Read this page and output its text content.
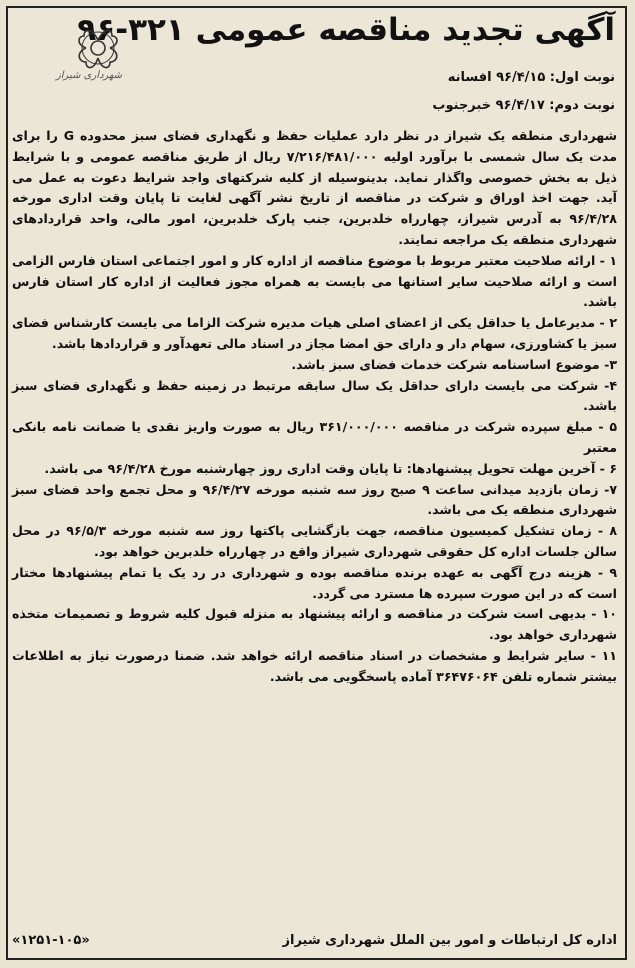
آگهی تجدید مناقصه عمومی ۳۲۱-۹۶
شهرداری شیراز	نوبت اول: ۹۶/۴/۱۵ افسانه
نوبت دوم: ۹۶/۴/۱۷ خبرجنوب

شهرداری منطقه یک شیراز در نظر دارد عملیات حفظ و نگهداری فضای سبز محدوده G را برای مدت یک سال شمسی با برآورد اولیه ۷/۲۱۶/۴۸۱/۰۰۰ ریال از طریق مناقصه عمومی و با شرایط ذیل به بخش خصوصی واگذار نماید. بدینوسیله از کلیه شرکتهای واجد شرایط دعوت به عمل می آید. جهت اخذ اوراق و شرکت در مناقصه از تاریخ نشر آگهی لغایت تا پایان وقت اداری مورخه ۹۶/۴/۲۸ به آدرس شیراز، چهارراه خلدبرین، جنب پارک خلدبرین، امور مالی، واحد قراردادهای شهرداری منطقه یک مراجعه نمایند.

۱ - ارائه صلاحیت معتبر مربوط با موضوع مناقصه از اداره کار و امور اجتماعی استان فارس الزامی است و ارائه صلاحیت سایر استانها می بایست به همراه مجوز فعالیت از اداره کار استان فارس باشد.

۲ - مدیرعامل یا حداقل یکی از اعضای اصلی هیات مدیره شرکت الزاما می بایست کارشناس فضای سبز یا کشاورزی، سهام دار و دارای حق امضا مجاز در اسناد مالی تعهدآور و قراردادها باشد.

۳- موضوع اساسنامه شرکت خدمات فضای سبز باشد.

۴- شرکت می بایست دارای حداقل یک سال سابقه مرتبط در زمینه حفظ و نگهداری فضای سبز باشد.

۵ - مبلغ سپرده شرکت در مناقصه ۳۶۱/۰۰۰/۰۰۰ ریال به صورت واریز نقدی یا ضمانت نامه بانکی معتبر

۶ - آخرین مهلت تحویل پیشنهادها: تا پایان وقت اداری روز چهارشنبه مورخ ۹۶/۴/۲۸ می باشد.

۷- زمان بازدید میدانی ساعت ۹ صبح روز سه شنبه مورخه ۹۶/۴/۲۷ و محل تجمع واحد فضای سبز شهرداری منطقه یک می باشد.

۸ - زمان تشکیل کمیسیون مناقصه، جهت بازگشایی پاکتها روز سه شنبه مورخه ۹۶/۵/۳ در محل سالن جلسات اداره کل حقوقی شهرداری شیراز واقع در چهارراه خلدبرین خواهد بود.

۹ - هزینه درج آگهی به عهده برنده مناقصه بوده و شهرداری در رد یک یا تمام پیشنهادها مختار است که در این صورت سپرده ها مسترد می گردد.

۱۰ - بدیهی است شرکت در مناقصه و ارائه پیشنهاد به منزله قبول کلیه شروط و تصمیمات متخذه شهرداری خواهد بود.

۱۱ - سایر شرایط و مشخصات در اسناد مناقصه ارائه خواهد شد. ضمنا درصورت نیاز به اطلاعات بیشتر شماره تلفن ۳۶۴۷۶۰۶۴ آماده پاسخگویی می باشد.

اداره کل ارتباطات و امور بین الملل شهرداری شیراز
«۱۲۵۱-۱۰۵»
